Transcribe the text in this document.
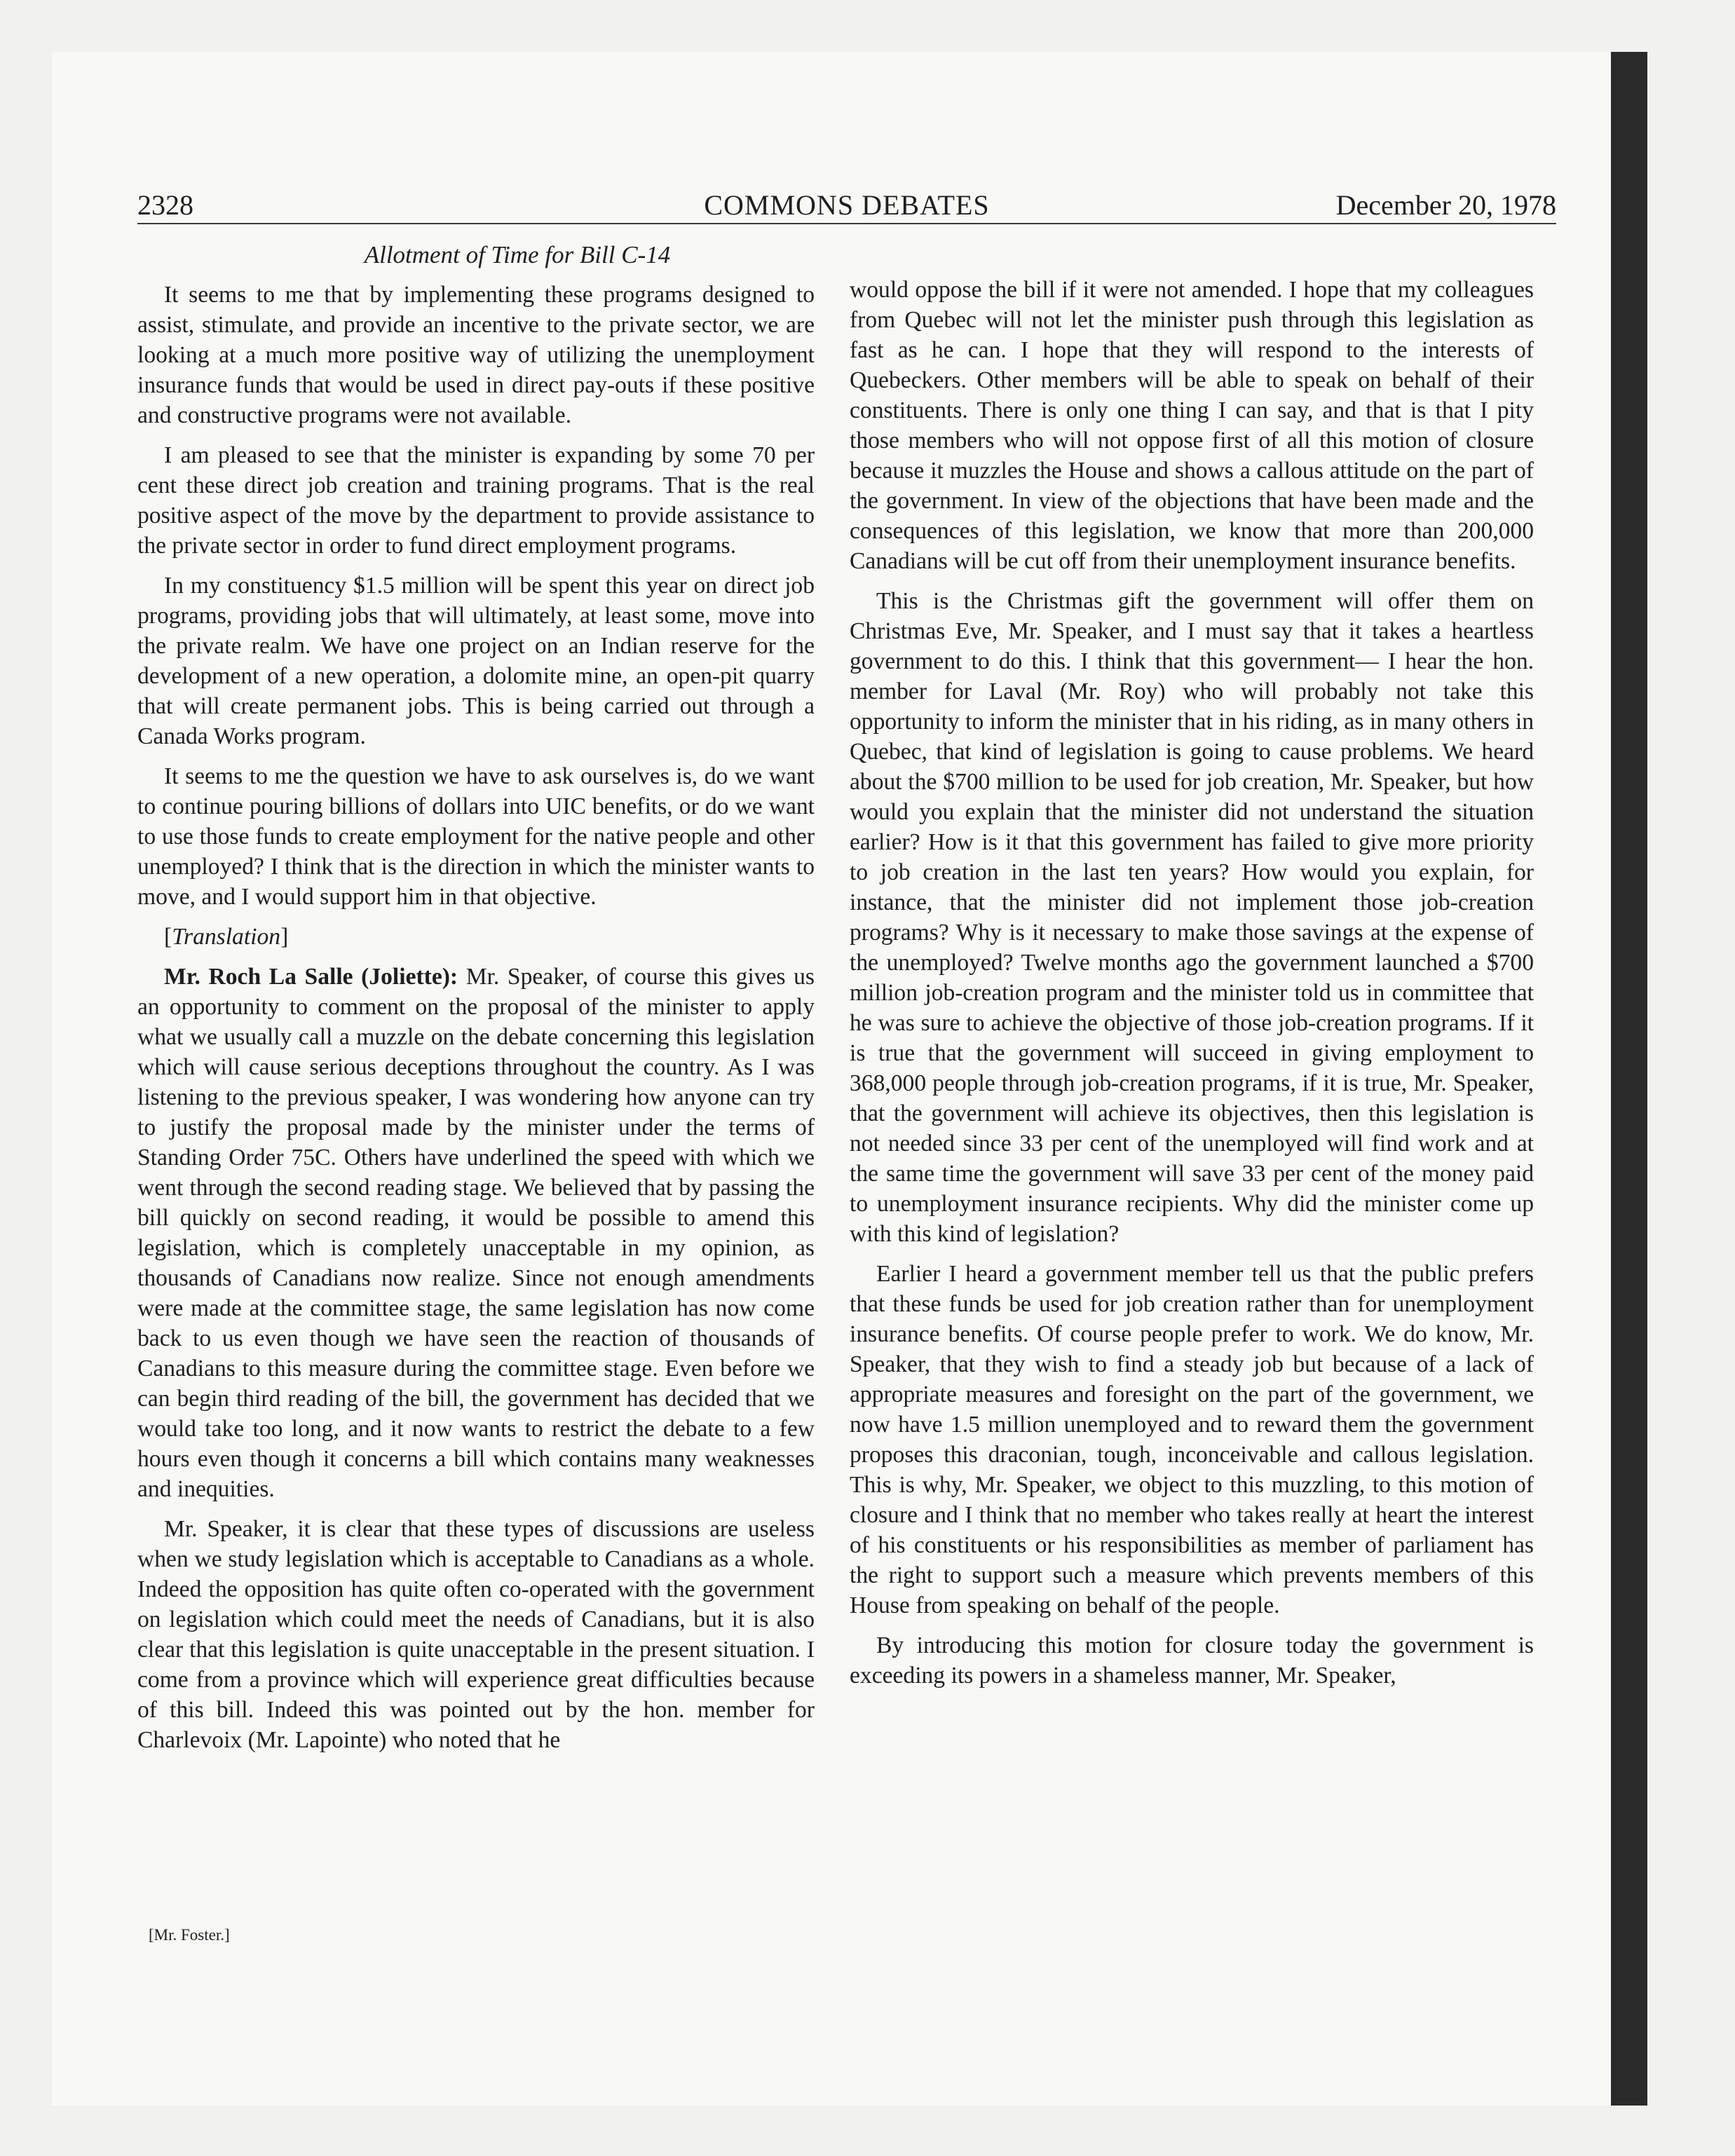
2328	COMMONS DEBATES	December 20, 1978

Allotment of Time for Bill C-14

It seems to me that by implementing these programs designed to assist, stimulate, and provide an incentive to the private sector, we are looking at a much more positive way of utilizing the unemployment insurance funds that would be used in direct pay-outs if these positive and constructive programs were not available.

I am pleased to see that the minister is expanding by some 70 per cent these direct job creation and training programs. That is the real positive aspect of the move by the department to provide assistance to the private sector in order to fund direct employment programs.

In my constituency $1.5 million will be spent this year on direct job programs, providing jobs that will ultimately, at least some, move into the private realm. We have one project on an Indian reserve for the development of a new operation, a dolomite mine, an open-pit quarry that will create permanent jobs. This is being carried out through a Canada Works program.

It seems to me the question we have to ask ourselves is, do we want to continue pouring billions of dollars into UIC benefits, or do we want to use those funds to create employment for the native people and other unemployed? I think that is the direction in which the minister wants to move, and I would support him in that objective.

[Translation]

Mr. Roch La Salle (Joliette): Mr. Speaker, of course this gives us an opportunity to comment on the proposal of the minister to apply what we usually call a muzzle on the debate concerning this legislation which will cause serious deceptions throughout the country. As I was listening to the previous speaker, I was wondering how anyone can try to justify the proposal made by the minister under the terms of Standing Order 75C. Others have underlined the speed with which we went through the second reading stage. We believed that by passing the bill quickly on second reading, it would be possible to amend this legislation, which is completely unacceptable in my opinion, as thousands of Canadians now realize. Since not enough amendments were made at the committee stage, the same legislation has now come back to us even though we have seen the reaction of thousands of Canadians to this measure during the committee stage. Even before we can begin third reading of the bill, the government has decided that we would take too long, and it now wants to restrict the debate to a few hours even though it concerns a bill which contains many weaknesses and inequities.

Mr. Speaker, it is clear that these types of discussions are useless when we study legislation which is acceptable to Canadians as a whole. Indeed the opposition has quite often co-operated with the government on legislation which could meet the needs of Canadians, but it is also clear that this legislation is quite unacceptable in the present situation. I come from a province which will experience great difficulties because of this bill. Indeed this was pointed out by the hon. member for Charlevoix (Mr. Lapointe) who noted that he

[Mr. Foster.]

would oppose the bill if it were not amended. I hope that my colleagues from Quebec will not let the minister push through this legislation as fast as he can. I hope that they will respond to the interests of Quebeckers. Other members will be able to speak on behalf of their constituents. There is only one thing I can say, and that is that I pity those members who will not oppose first of all this motion of closure because it muzzles the House and shows a callous attitude on the part of the government. In view of the objections that have been made and the consequences of this legislation, we know that more than 200,000 Canadians will be cut off from their unemployment insurance benefits.

This is the Christmas gift the government will offer them on Christmas Eve, Mr. Speaker, and I must say that it takes a heartless government to do this. I think that this government— I hear the hon. member for Laval (Mr. Roy) who will probably not take this opportunity to inform the minister that in his riding, as in many others in Quebec, that kind of legislation is going to cause problems. We heard about the $700 million to be used for job creation, Mr. Speaker, but how would you explain that the minister did not understand the situation earlier? How is it that this government has failed to give more priority to job creation in the last ten years? How would you explain, for instance, that the minister did not implement those job-creation programs? Why is it necessary to make those savings at the expense of the unemployed? Twelve months ago the government launched a $700 million job-creation program and the minister told us in committee that he was sure to achieve the objective of those job-creation programs. If it is true that the government will succeed in giving employment to 368,000 people through job-creation programs, if it is true, Mr. Speaker, that the government will achieve its objectives, then this legislation is not needed since 33 per cent of the unemployed will find work and at the same time the government will save 33 per cent of the money paid to unemployment insurance recipients. Why did the minister come up with this kind of legislation?

Earlier I heard a government member tell us that the public prefers that these funds be used for job creation rather than for unemployment insurance benefits. Of course people prefer to work. We do know, Mr. Speaker, that they wish to find a steady job but because of a lack of appropriate measures and foresight on the part of the government, we now have 1.5 million unemployed and to reward them the government proposes this draconian, tough, inconceivable and callous legislation. This is why, Mr. Speaker, we object to this muzzling, to this motion of closure and I think that no member who takes really at heart the interest of his constituents or his responsibilities as member of parliament has the right to support such a measure which prevents members of this House from speaking on behalf of the people.

By introducing this motion for closure today the government is exceeding its powers in a shameless manner, Mr. Speaker,
